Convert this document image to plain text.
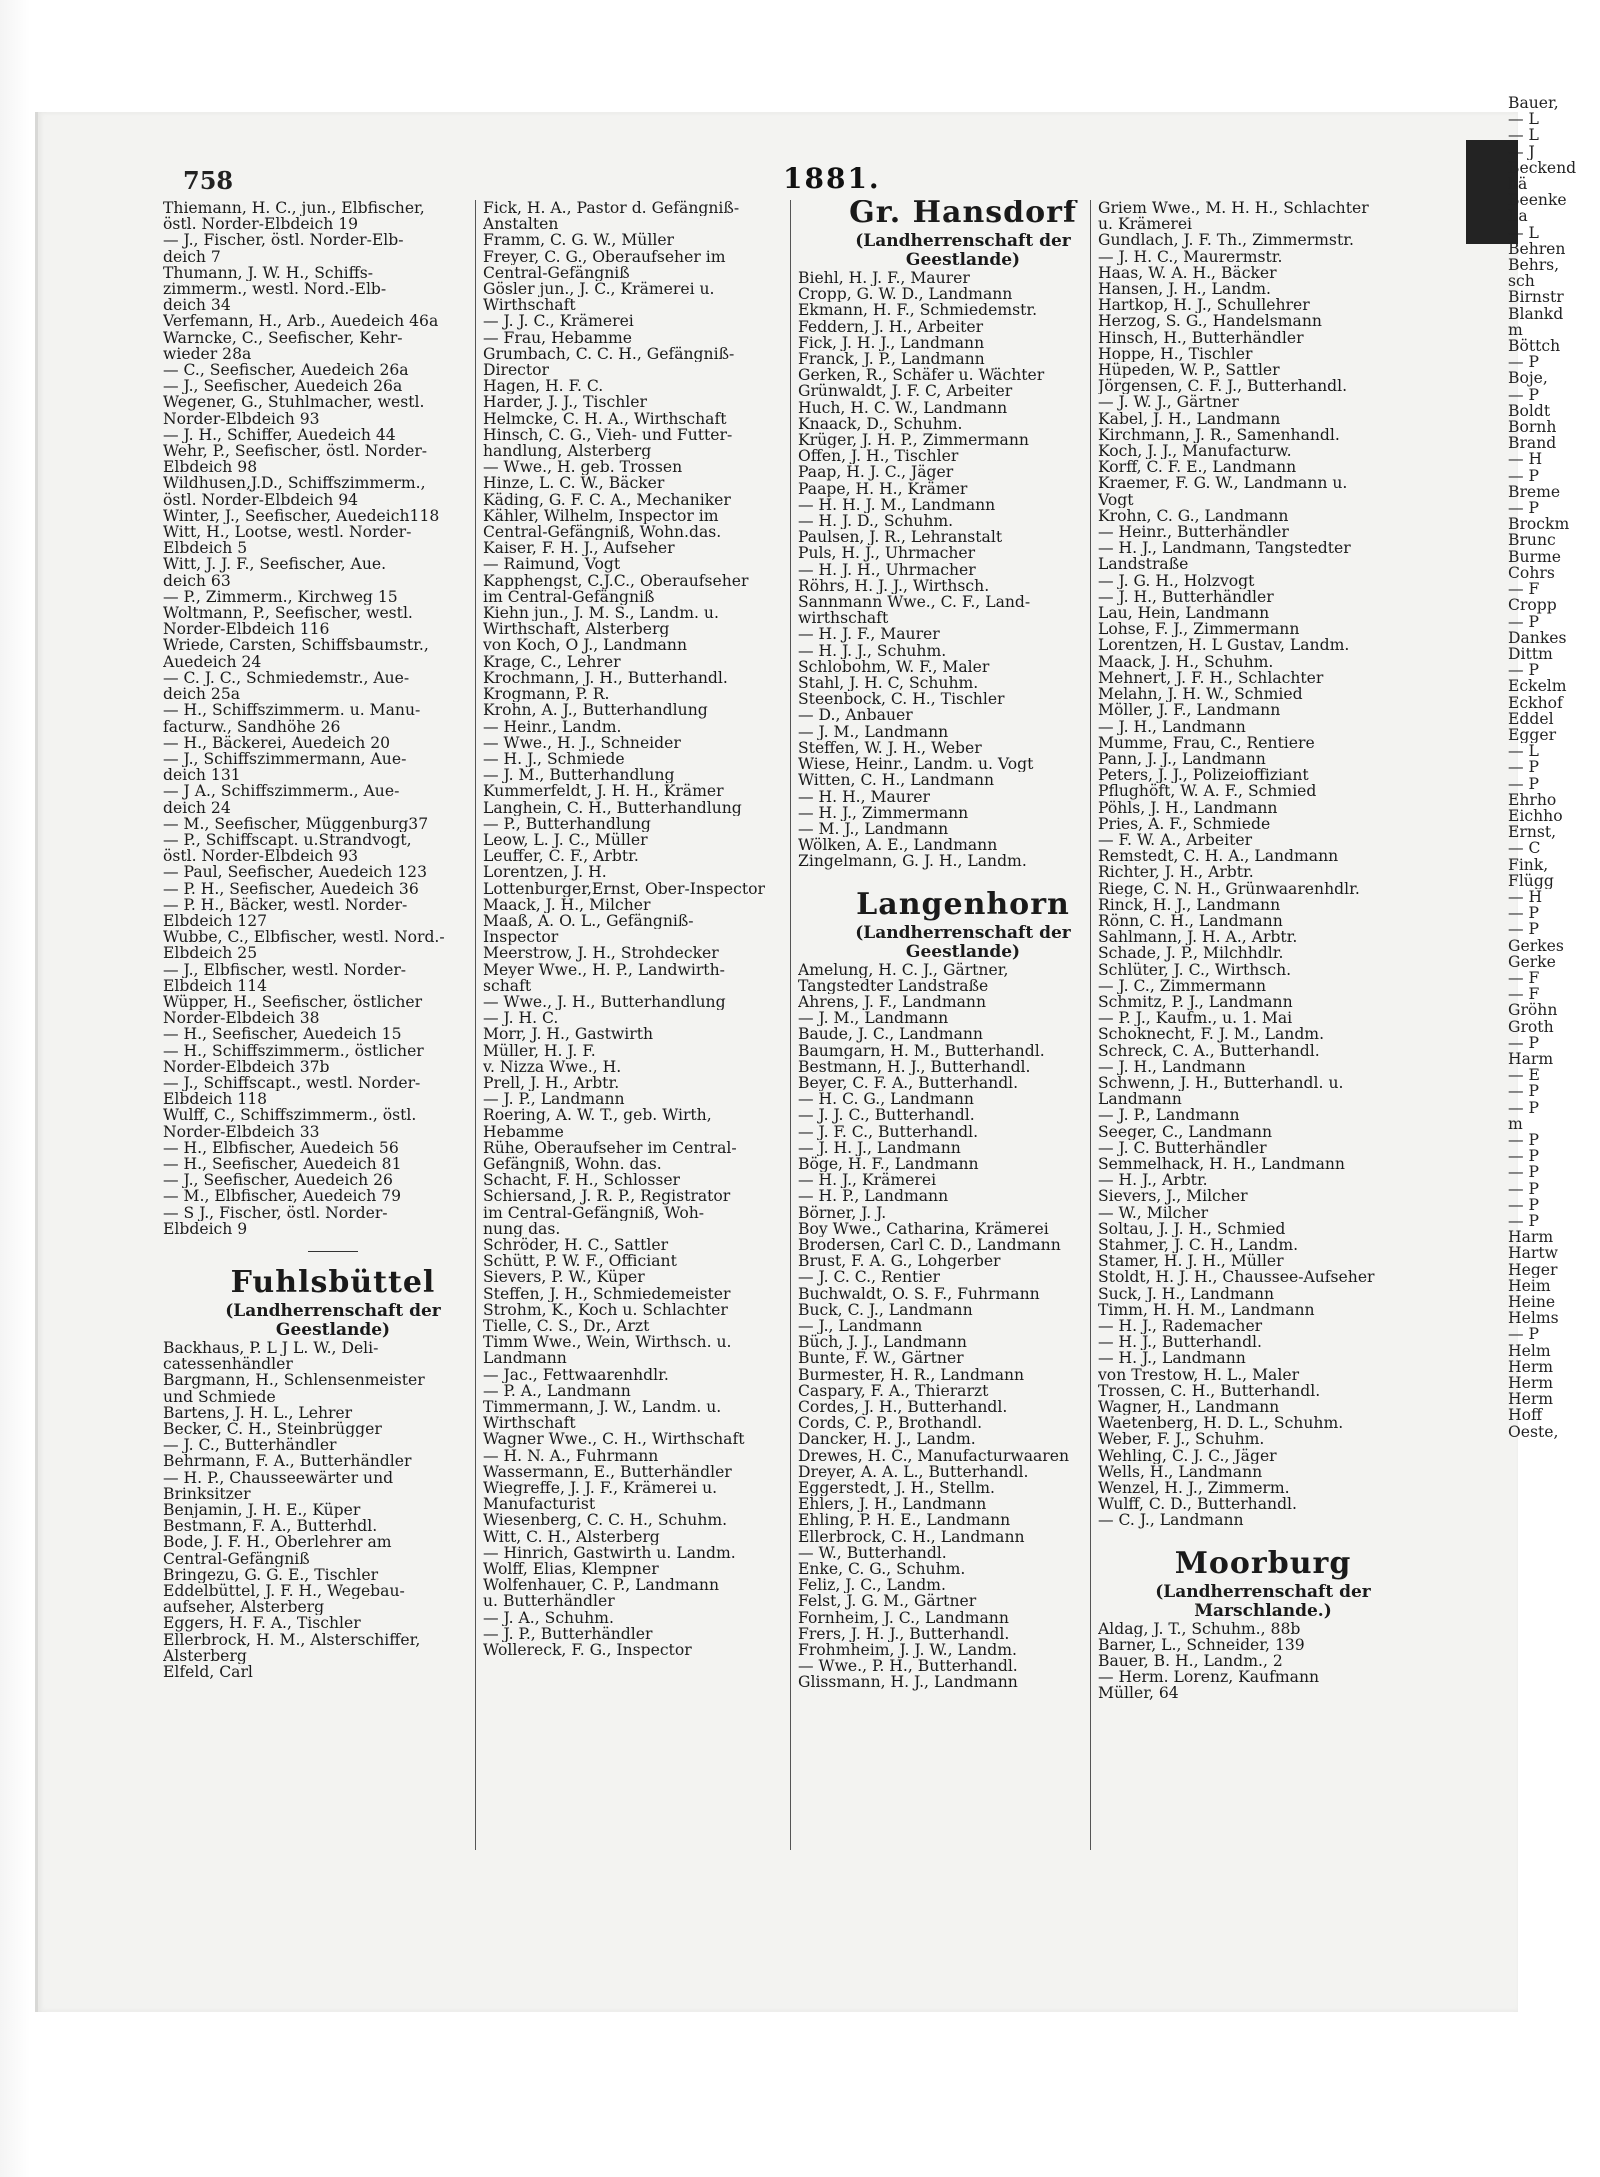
758	1881.
Thiemann, H. C., jun., Elbfischer,
östl. Norder-Elbdeich 19
— J., Fischer, östl. Norder-Elb-
deich 7
Thumann, J. W. H., Schiffs-
zimmerm., westl. Nord.-Elb-
deich 34
Verfemann, H., Arb., Auedeich 46a
Warncke, C., Seefischer, Kehr-
wieder 28a
— C., Seefischer, Auedeich 26a
— J., Seefischer, Auedeich 26a
Wegener, G., Stuhlmacher, westl.
Norder-Elbdeich 93
— J. H., Schiffer, Auedeich 44
Wehr, P., Seefischer, östl. Norder-
Elbdeich 98
Wildhusen,J.D., Schiffszimmerm.,
östl. Norder-Elbdeich 94
Winter, J., Seefischer, Auedeich118
Witt, H., Lootse, westl. Norder-
Elbdeich 5
Witt, J. J. F., Seefischer, Aue.
deich 63
— P., Zimmerm., Kirchweg 15
Woltmann, P., Seefischer, westl.
Norder-Elbdeich 116
Wriede, Carsten, Schiffsbaumstr.,
Auedeich 24
— C. J. C., Schmiedemstr., Aue-
deich 25a
— H., Schiffszimmerm. u. Manu-
facturw., Sandhöhe 26
— H., Bäckerei, Auedeich 20
— J., Schiffszimmermann, Aue-
deich 131
— J A., Schiffszimmerm., Aue-
deich 24
— M., Seefischer, Müggenburg37
— P., Schiffscapt. u.Strandvogt,
östl. Norder-Elbdeich 93
— Paul, Seefischer, Auedeich 123
— P. H., Seefischer, Auedeich 36
— P. H., Bäcker, westl. Norder-
Elbdeich 127
Wubbe, C., Elbfischer, westl. Nord.-
Elbdeich 25
— J., Elbfischer, westl. Norder-
Elbdeich 114
Wüpper, H., Seefischer, östlicher
Norder-Elbdeich 38
— H., Seefischer, Auedeich 15
— H., Schiffszimmerm., östlicher
Norder-Elbdeich 37b
— J., Schiffscapt., westl. Norder-
Elbdeich 118
Wulff, C., Schiffszimmerm., östl.
Norder-Elbdeich 33
— H., Elbfischer, Auedeich 56
— H., Seefischer, Auedeich 81
— J., Seefischer, Auedeich 26
— M., Elbfischer, Auedeich 79
— S J., Fischer, östl. Norder-
Elbdeich 9
Fuhlsbüttel
(Landherrenschaft der
Geestlande)
Backhaus, P. L J L. W., Deli-
catessenhändler
Bargmann, H., Schlensenmeister
und Schmiede
Bartens, J. H. L., Lehrer
Becker, C. H., Steinbrügger
— J. C., Butterhändler
Behrmann, F. A., Butterhändler
— H. P., Chausseewärter und
Brinksitzer
Benjamin, J. H. E., Küper
Bestmann, F. A., Butterhdl.
Bode, J. F. H., Oberlehrer am
Central-Gefängniß
Bringezu, G. G. E., Tischler
Eddelbüttel, J. F. H., Wegebau-
aufseher, Alsterberg
Eggers, H. F. A., Tischler
Ellerbrock, H. M., Alsterschiffer,
Alsterberg
Elfeld, Carl
Fick, H. A., Pastor d. Gefängniß-
Anstalten
Framm, C. G. W., Müller
Freyer, C. G., Oberaufseher im
Central-Gefängniß
Gösler jun., J. C., Krämerei u.
Wirthschaft
— J. J. C., Krämerei
— Frau, Hebamme
Grumbach, C. C. H., Gefängniß-
Director
Hagen, H. F. C.
Harder, J. J., Tischler
Helmcke, C. H. A., Wirthschaft
Hinsch, C. G., Vieh- und Futter-
handlung, Alsterberg
— Wwe., H. geb. Trossen
Hinze, L. C. W., Bäcker
Käding, G. F. C. A., Mechaniker
Kähler, Wilhelm, Inspector im
Central-Gefängniß, Wohn.das.
Kaiser, F. H. J., Aufseher
— Raimund, Vogt
Kapphengst, C.J.C., Oberaufseher
im Central-Gefängniß
Kiehn jun., J. M. S., Landm. u.
Wirthschaft, Alsterberg
von Koch, O J., Landmann
Krage, C., Lehrer
Krochmann, J. H., Butterhandl.
Krogmann, P. R.
Krohn, A. J., Butterhandlung
— Heinr., Landm.
— Wwe., H. J., Schneider
— H. J., Schmiede
— J. M., Butterhandlung
Kummerfeldt, J. H. H., Krämer
Langhein, C. H., Butterhandlung
— P., Butterhandlung
Leow, L. J. C., Müller
Leuffer, C. F., Arbtr.
Lorentzen, J. H.
Lottenburger,Ernst, Ober-Inspector
Maack, J. H., Milcher
Maaß, A. O. L., Gefängniß-
Inspector
Meerstrow, J. H., Strohdecker
Meyer Wwe., H. P., Landwirth-
schaft
— Wwe., J. H., Butterhandlung
— J. H. C.
Morr, J. H., Gastwirth
Müller, H. J. F.
v. Nizza Wwe., H.
Prell, J. H., Arbtr.
— J. P., Landmann
Roering, A. W. T., geb. Wirth,
Hebamme
Rühe, Oberaufseher im Central-
Gefängniß, Wohn. das.
Schacht, F. H., Schlosser
Schiersand, J. R. P., Registrator
im Central-Gefängniß, Woh-
nung das.
Schröder, H. C., Sattler
Schütt, P. W. F., Officiant
Sievers, P. W., Küper
Steffen, J. H., Schmiedemeister
Strohm, K., Koch u. Schlachter
Tielle, C. S., Dr., Arzt
Timm Wwe., Wein, Wirthsch. u.
Landmann
— Jac., Fettwaarenhdlr.
— P. A., Landmann
Timmermann, J. W., Landm. u.
Wirthschaft
Wagner Wwe., C. H., Wirthschaft
— H. N. A., Fuhrmann
Wassermann, E., Butterhändler
Wiegreffe, J. J. F., Krämerei u.
Manufacturist
Wiesenberg, C. C. H., Schuhm.
Witt, C. H., Alsterberg
— Hinrich, Gastwirth u. Landm.
Wolff, Elias, Klempner
Wolfenhauer, C. P., Landmann
u. Butterhändler
— J. A., Schuhm.
— J. P., Butterhändler
Wollereck, F. G., Inspector
Gr. Hansdorf
(Landherrenschaft der
Geestlande)
Biehl, H. J. F., Maurer
Cropp, G. W. D., Landmann
Ekmann, H. F., Schmiedemstr.
Feddern, J. H., Arbeiter
Fick, J. H. J., Landmann
Franck, J. P., Landmann
Gerken, R., Schäfer u. Wächter
Grünwaldt, J. F. C, Arbeiter
Huch, H. C. W., Landmann
Knaack, D., Schuhm.
Krüger, J. H. P., Zimmermann
Offen, J. H., Tischler
Paap, H. J. C., Jäger
Paape, H. H., Krämer
— H. H. J. M., Landmann
— H. J. D., Schuhm.
Paulsen, J. R., Lehranstalt
Puls, H. J., Uhrmacher
— H. J. H., Uhrmacher
Röhrs, H. J. J., Wirthsch.
Sannmann Wwe., C. F., Land-
wirthschaft
— H. J. F., Maurer
— H. J. J., Schuhm.
Schlobohm, W. F., Maler
Stahl, J. H. C, Schuhm.
Steenbock, C. H., Tischler
— D., Anbauer
— J. M., Landmann
Steffen, W. J. H., Weber
Wiese, Heinr., Landm. u. Vogt
Witten, C. H., Landmann
— H. H., Maurer
— H. J., Zimmermann
— M. J., Landmann
Wölken, A. E., Landmann
Zingelmann, G. J. H., Landm.
Langenhorn
(Landherrenschaft der
Geestlande)
Amelung, H. C. J., Gärtner,
Tangstedter Landstraße
Ahrens, J. F., Landmann
— J. M., Landmann
Baude, J. C., Landmann
Baumgarn, H. M., Butterhandl.
Bestmann, H. J., Butterhandl.
Beyer, C. F. A., Butterhandl.
— H. C. G., Landmann
— J. J. C., Butterhandl.
— J. F. C., Butterhandl.
— J. H. J., Landmann
Böge, H. F., Landmann
— H. J., Krämerei
— H. P., Landmann
Börner, J. J.
Boy Wwe., Catharina, Krämerei
Brodersen, Carl C. D., Landmann
Brust, F. A. G., Lohgerber
— J. C. C., Rentier
Buchwaldt, O. S. F., Fuhrmann
Buck, C. J., Landmann
— J., Landmann
Büch, J. J., Landmann
Bunte, F. W., Gärtner
Burmester, H. R., Landmann
Caspary, F. A., Thierarzt
Cordes, J. H., Butterhandl.
Cords, C. P., Brothandl.
Dancker, H. J., Landm.
Drewes, H. C., Manufacturwaaren
Dreyer, A. A. L., Butterhandl.
Eggerstedt, J. H., Stellm.
Ehlers, J. H., Landmann
Ehling, P. H. E., Landmann
Ellerbrock, C. H., Landmann
— W., Butterhandl.
Enke, C. G., Schuhm.
Feliz, J. C., Landm.
Felst, J. G. M., Gärtner
Fornheim, J. C., Landmann
Frers, J. H. J., Butterhandl.
Frohmheim, J. J. W., Landm.
— Wwe., P. H., Butterhandl.
Glissmann, H. J., Landmann
Griem Wwe., M. H. H., Schlachter
u. Krämerei
Gundlach, J. F. Th., Zimmermstr.
— J. H. C., Maurermstr.
Haas, W. A. H., Bäcker
Hansen, J. H., Landm.
Hartkop, H. J., Schullehrer
Herzog, S. G., Handelsmann
Hinsch, H., Butterhändler
Hoppe, H., Tischler
Hüpeden, W. P., Sattler
Jörgensen, C. F. J., Butterhandl.
— J. W. J., Gärtner
Kabel, J. H., Landmann
Kirchmann, J. R., Samenhandl.
Koch, J. J., Manufacturw.
Korff, C. F. E., Landmann
Kraemer, F. G. W., Landmann u.
Vogt
Krohn, C. G., Landmann
— Heinr., Butterhändler
— H. J., Landmann, Tangstedter
Landstraße
— J. G. H., Holzvogt
— J. H., Butterhändler
Lau, Hein, Landmann
Lohse, F. J., Zimmermann
Lorentzen, H. L Gustav, Landm.
Maack, J. H., Schuhm.
Mehnert, J. F. H., Schlachter
Melahn, J. H. W., Schmied
Möller, J. F., Landmann
— J. H., Landmann
Mumme, Frau, C., Rentiere
Pann, J. J., Landmann
Peters, J. J., Polizeioffiziant
Pflughöft, W. A. F., Schmied
Pöhls, J. H., Landmann
Pries, A. F., Schmiede
— F. W. A., Arbeiter
Remstedt, C. H. A., Landmann
Richter, J. H., Arbtr.
Riege, C. N. H., Grünwaarenhdlr.
Rinck, H. J., Landmann
Rönn, C. H., Landmann
Sahlmann, J. H. A., Arbtr.
Schade, J. P., Milchhdlr.
Schlüter, J. C., Wirthsch.
— J. C., Zimmermann
Schmitz, P. J., Landmann
— P. J., Kaufm., u. 1. Mai
Schoknecht, F. J. M., Landm.
Schreck, C. A., Butterhandl.
— J. H., Landmann
Schwenn, J. H., Butterhandl. u.
Landmann
— J. P., Landmann
Seeger, C., Landmann
— J. C. Butterhändler
Semmelhack, H. H., Landmann
— H. J., Arbtr.
Sievers, J., Milcher
— W., Milcher
Soltau, J. J. H., Schmied
Stahmer, J. C. H., Landm.
Stamer, H. J. H., Müller
Stoldt, H. J. H., Chaussee-Aufseher
Suck, J. H., Landmann
Timm, H. H. M., Landmann
— H. J., Rademacher
— H. J., Butterhandl.
— H. J., Landmann
von Trestow, H. L., Maler
Trossen, C. H., Butterhandl.
Wagner, H., Landmann
Waetenberg, H. D. L., Schuhm.
Weber, F. J., Schuhm.
Wehling, C. J. C., Jäger
Wells, H., Landmann
Wenzel, H. J., Zimmerm.
Wulff, C. D., Butterhandl.
— C. J., Landmann
Moorburg
(Landherrenschaft der
Marschlande.)
Aldag, J. T., Schuhm., 88b
Barner, L., Schneider, 139
Bauer, B. H., Landm., 2
— Herm. Lorenz, Kaufmann
Müller, 64
Bauer,
— L
— L
— J
Beckend
hä
Beenke
La
— L
Behren
Behrs,
sch
Birnstr
Blankd
m
Böttch
— P
Boje,
— P
Boldt
Bornh
Brand
— H
— P
Breme
— P
Brockm
Brunc
Burme
Cohrs
— F
Cropp
— P
Dankes
Dittm
— P
Eckelm
Eckhof
Eddel
Egger
— L
— P
— P
Ehrho
Eichho
Ernst,
— C
Fink,
Flügg
— H
— P
— P
Gerkes
Gerke
— F
— F
Gröhn
Groth
— P
Harm
— E
— P
— P
m
— P
— P
— P
— P
— P
— P
Harm
Hartw
Heger
Heim
Heine
Helms
— P
Helm
Herm
Herm
Herm
Hoff
Oeste,
